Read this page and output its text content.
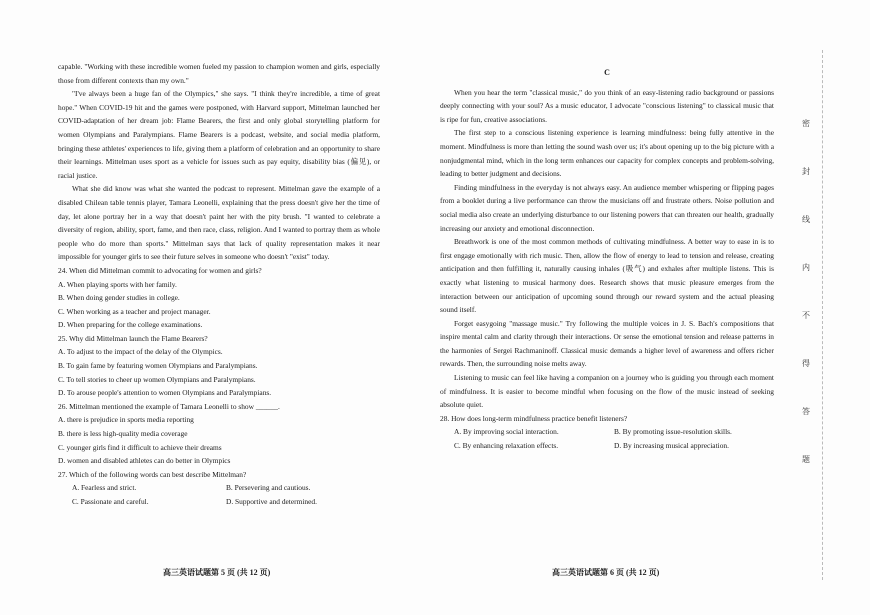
capable. "Working with these incredible women fueled my passion to champion women and girls, especially those from different contexts than my own."

"I've always been a huge fan of the Olympics," she says. "I think they're incredible, a time of great hope." When COVID-19 hit and the games were postponed, with Harvard support, Mittelman launched her COVID-adaptation of her dream job: Flame Bearers, the first and only global storytelling platform for women Olympians and Paralympians. Flame Bearers is a podcast, website, and social media platform, bringing these athletes' experiences to life, giving them a platform of celebration and an opportunity to share their learnings. Mittelman uses sport as a vehicle for issues such as pay equity, disability bias (偏见), or racial justice.

What she did know was what she wanted the podcast to represent. Mittelman gave the example of a disabled Chilean table tennis player, Tamara Leonelli, explaining that the press doesn't give her the time of day, let alone portray her in a way that doesn't paint her with the pity brush. "I wanted to celebrate a diversity of region, ability, sport, fame, and then race, class, religion. And I wanted to portray them as whole people who do more than sports." Mittelman says that lack of quality representation makes it near impossible for younger girls to see their future selves in someone who doesn't "exist" today.

24. When did Mittelman commit to advocating for women and girls?

A. When playing sports with her family.

B. When doing gender studies in college.

C. When working as a teacher and project manager.

D. When preparing for the college examinations.

25. Why did Mittelman launch the Flame Bearers?

A. To adjust to the impact of the delay of the Olympics.

B. To gain fame by featuring women Olympians and Paralympians.

C. To tell stories to cheer up women Olympians and Paralympians.

D. To arouse people's attention to women Olympians and Paralympians.

26. Mittelman mentioned the example of Tamara Leonelli to show ______.

A. there is prejudice in sports media reporting

B. there is less high-quality media coverage

C. younger girls find it difficult to achieve their dreams

D. women and disabled athletes can do better in Olympics

27. Which of the following words can best describe Mittelman?

A. Fearless and strict.	B. Persevering and cautious.

C. Passionate and careful.	D. Supportive and determined.

C

When you hear the term "classical music," do you think of an easy-listening radio background or passions deeply connecting with your soul? As a music educator, I advocate "conscious listening" to classical music that is ripe for fun, creative associations.

The first step to a conscious listening experience is learning mindfulness: being fully attentive in the moment. Mindfulness is more than letting the sound wash over us; it's about opening up to the big picture with a nonjudgmental mind, which in the long term enhances our capacity for complex concepts and problem-solving, leading to better judgment and decisions.

Finding mindfulness in the everyday is not always easy. An audience member whispering or flipping pages from a booklet during a live performance can throw the musicians off and frustrate others. Noise pollution and social media also create an underlying disturbance to our listening powers that can threaten our health, gradually increasing our anxiety and emotional disconnection.

Breathwork is one of the most common methods of cultivating mindfulness. A better way to ease in is to first engage emotionally with rich music. Then, allow the flow of energy to lead to tension and release, creating anticipation and then fulfilling it, naturally causing inhales (吸气) and exhales after multiple listens. This is exactly what listening to musical harmony does. Research shows that music pleasure emerges from the interaction between our anticipation of upcoming sound through our reward system and the actual pleasing sound itself.

Forget easygoing "massage music." Try following the multiple voices in J. S. Bach's compositions that inspire mental calm and clarity through their interactions. Or sense the emotional tension and release patterns in the harmonies of Sergei Rachmaninoff. Classical music demands a higher level of awareness and offers richer rewards. Then, the surrounding noise melts away.

Listening to music can feel like having a companion on a journey who is guiding you through each moment of mindfulness. It is easier to become mindful when focusing on the flow of the music instead of seeking absolute quiet.

28. How does long-term mindfulness practice benefit listeners?

A. By improving social interaction.	B. By promoting issue-resolution skills.

C. By enhancing relaxation effects.	D. By increasing musical appreciation.

高三英语试题第 5 页 (共 12 页)	高三英语试题第 6 页 (共 12 页)
密
封
线
内
不
得
答
题
